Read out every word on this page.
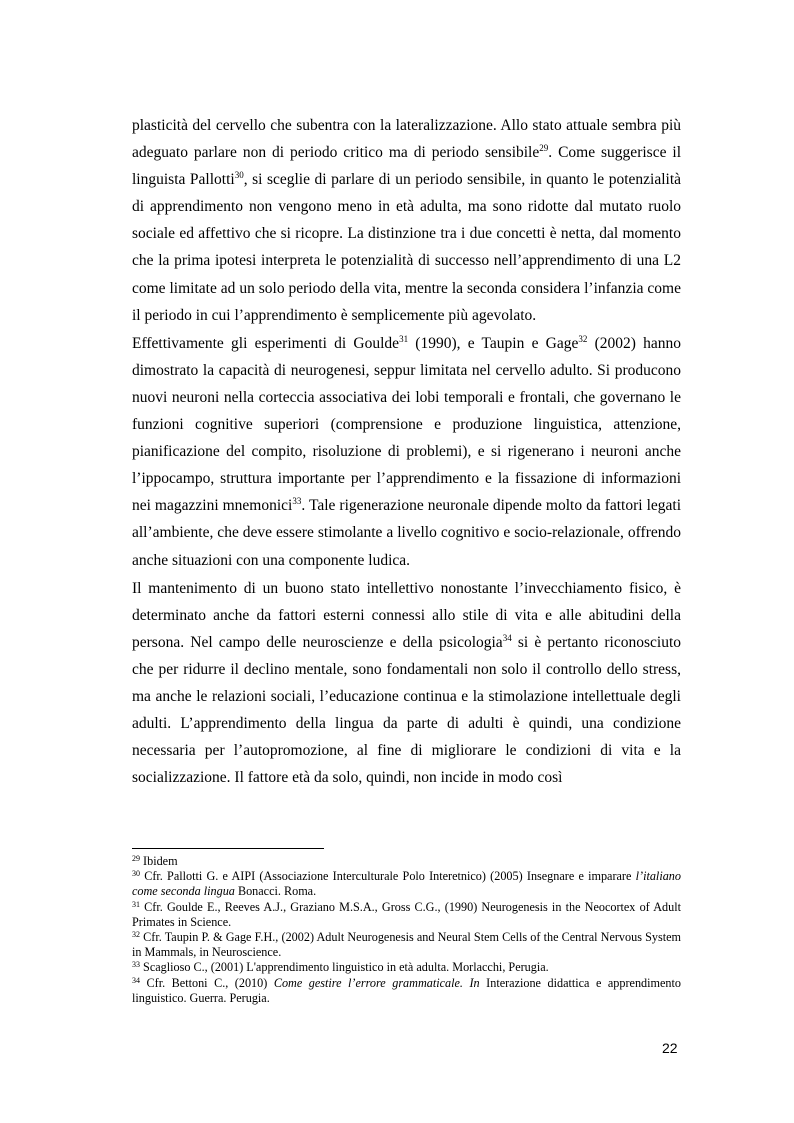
plasticità del cervello che subentra con la lateralizzazione. Allo stato attuale sembra più adeguato parlare non di periodo critico ma di periodo sensibile$^{29}$. Come suggerisce il linguista Pallotti$^{30}$, si sceglie di parlare di un periodo sensibile, in quanto le potenzialità di apprendimento non vengono meno in età adulta, ma sono ridotte dal mutato ruolo sociale ed affettivo che si ricopre. La distinzione tra i due concetti è netta, dal momento che la prima ipotesi interpreta le potenzialità di successo nell’apprendimento di una L2 come limitate ad un solo periodo della vita, mentre la seconda considera l’infanzia come il periodo in cui l’apprendimento è semplicemente più agevolato.

Effettivamente gli esperimenti di Goulde$^{31}$ (1990), e Taupin e Gage$^{32}$ (2002) hanno dimostrato la capacità di neurogenesi, seppur limitata nel cervello adulto. Si producono nuovi neuroni nella corteccia associativa dei lobi temporali e frontali, che governano le funzioni cognitive superiori (comprensione e produzione linguistica, attenzione, pianificazione del compito, risoluzione di problemi), e si rigenerano i neuroni anche l’ippocampo, struttura importante per l’apprendimento e la fissazione di informazioni nei magazzini mnemonici$^{33}$. Tale rigenerazione neuronale dipende molto da fattori legati all’ambiente, che deve essere stimolante a livello cognitivo e socio-relazionale, offrendo anche situazioni con una componente ludica.

Il mantenimento di un buono stato intellettivo nonostante l’invecchiamento fisico, è determinato anche da fattori esterni connessi allo stile di vita e alle abitudini della persona. Nel campo delle neuroscienze e della psicologia$^{34}$ si è pertanto riconosciuto che per ridurre il declino mentale, sono fondamentali non solo il controllo dello stress, ma anche le relazioni sociali, l’educazione continua e la stimolazione intellettuale degli adulti. L’apprendimento della lingua da parte di adulti è quindi, una condizione necessaria per l’autopromozione, al fine di migliorare le condizioni di vita e la socializzazione. Il fattore età da solo, quindi, non incide in modo così

$^{29}$ Ibidem

$^{30}$ Cfr. Pallotti G. e AIPI (Associazione Interculturale Polo Interetnico) (2005) Insegnare e imparare l’italiano come seconda lingua Bonacci. Roma.

$^{31}$ Cfr. Goulde E., Reeves A.J., Graziano M.S.A., Gross C.G., (1990) Neurogenesis in the Neocortex of Adult Primates in Science.

$^{32}$ Cfr. Taupin P. & Gage F.H., (2002) Adult Neurogenesis and Neural Stem Cells of the Central Nervous System in Mammals, in Neuroscience.

$^{33}$ Scaglioso C., (2001) L'apprendimento linguistico in età adulta. Morlacchi, Perugia.

$^{34}$ Cfr. Bettoni C., (2010) Come gestire l’errore grammaticale. In Interazione didattica e apprendimento linguistico. Guerra. Perugia.

22
